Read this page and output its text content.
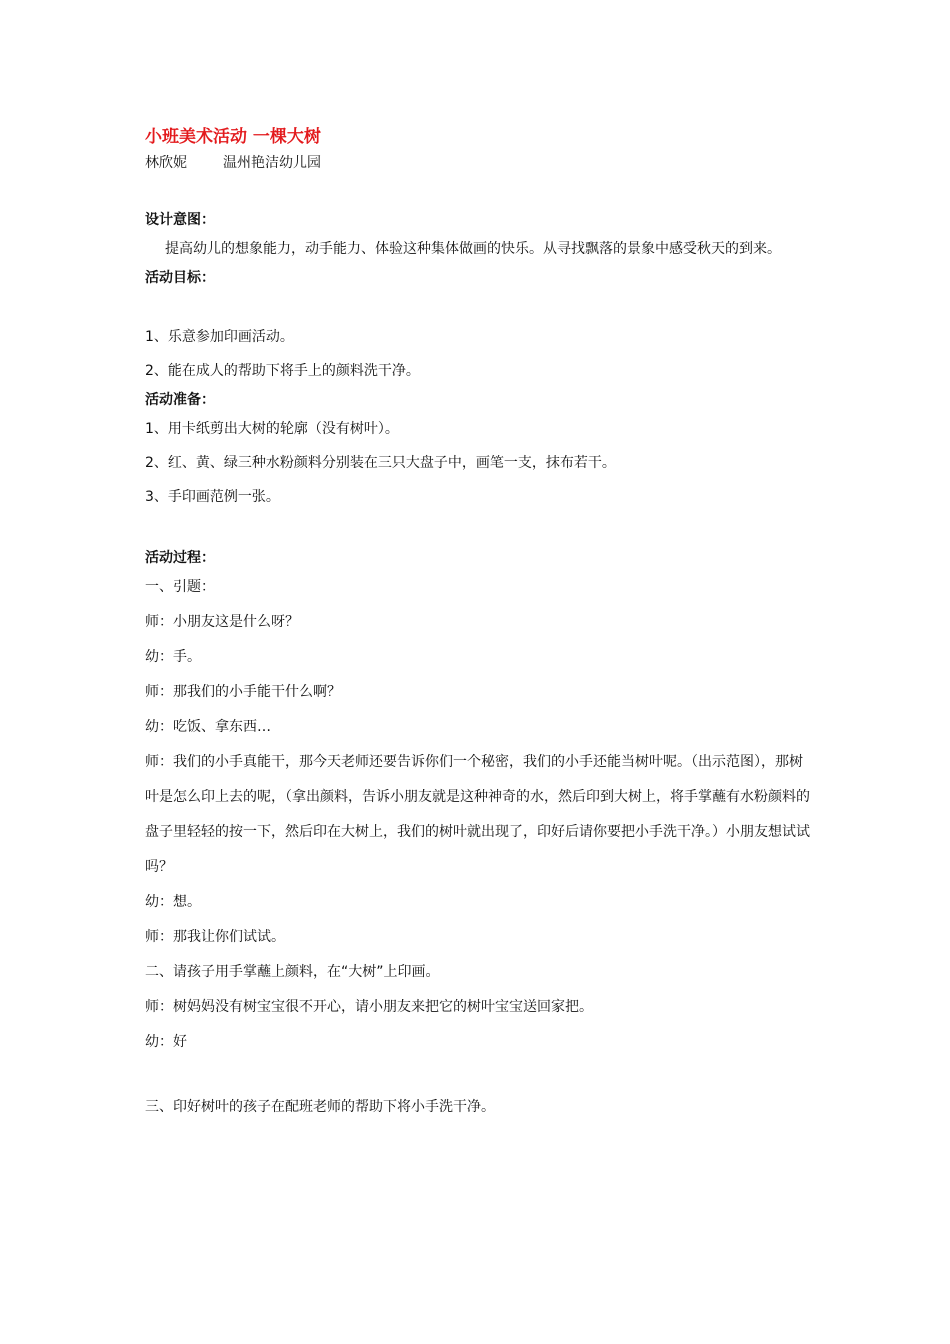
小班美术活动 一棵大树

林欣妮	温州艳洁幼儿园

设计意图：

提高幼儿的想象能力，动手能力、体验这种集体做画的快乐。从寻找飘落的景象中感受秋天的到来。

活动目标：

1、乐意参加印画活动。

2、能在成人的帮助下将手上的颜料洗干净。

活动准备：

1、用卡纸剪出大树的轮廓（没有树叶）。

2、红、黄、绿三种水粉颜料分别装在三只大盘子中，画笔一支，抹布若干。

3、手印画范例一张。

活动过程：

一、引题：

师：小朋友这是什么呀？

幼：手。

师：那我们的小手能干什么啊？

幼：吃饭、拿东西…

师：我们的小手真能干，那今天老师还要告诉你们一个秘密，我们的小手还能当树叶呢。（出示范图），那树叶是怎么印上去的呢，（拿出颜料，告诉小朋友就是这种神奇的水，然后印到大树上，将手掌蘸有水粉颜料的盘子里轻轻的按一下，然后印在大树上，我们的树叶就出现了，印好后请你要把小手洗干净。）小朋友想试试吗？

幼：想。

师：那我让你们试试。

二、请孩子用手掌蘸上颜料，在“大树”上印画。

师：树妈妈没有树宝宝很不开心，请小朋友来把它的树叶宝宝送回家把。

幼：好

三、印好树叶的孩子在配班老师的帮助下将小手洗干净。
